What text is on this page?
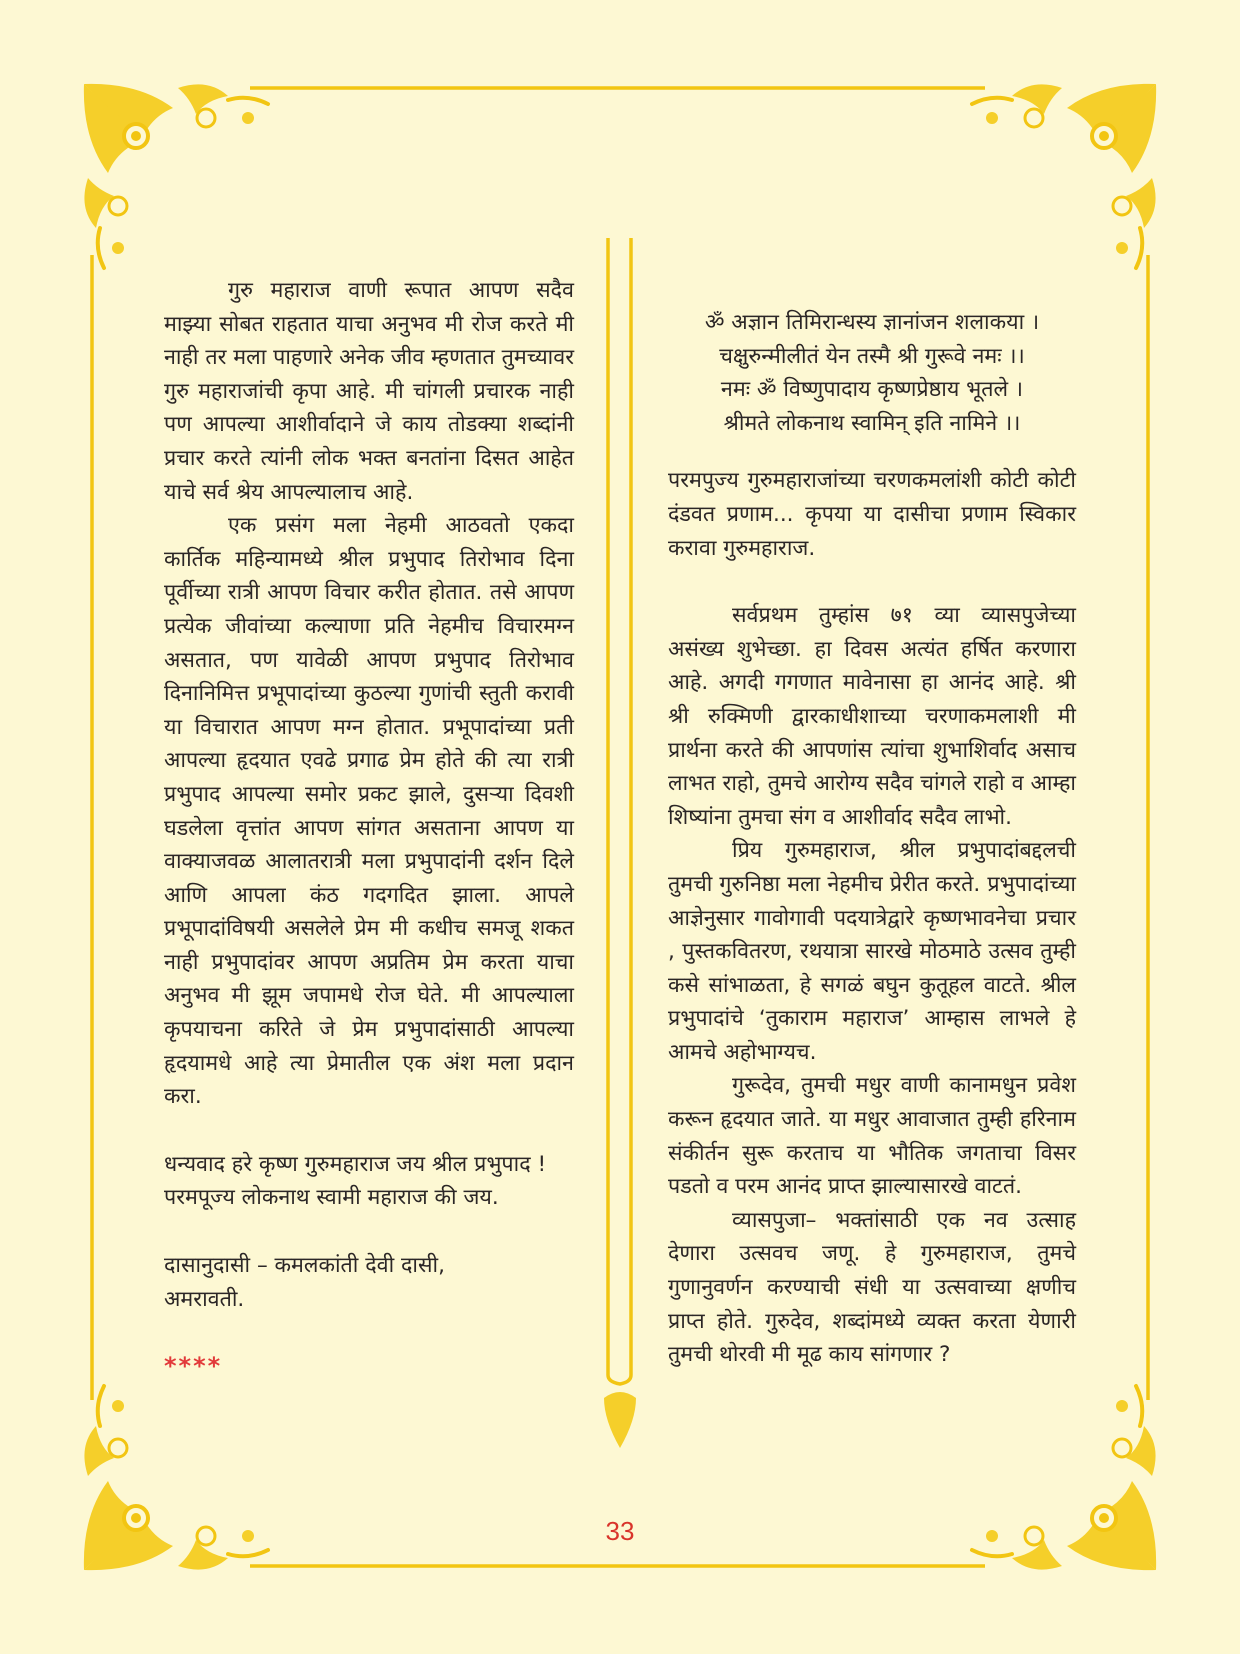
गुरु महाराज वाणी रूपात आपण सदैव माझ्या सोबत राहतात याचा अनुभव मी रोज करते मी नाही तर मला पाहणारे अनेक जीव म्हणतात तुमच्यावर गुरु महाराजांची कृपा आहे. मी चांगली प्रचारक नाही पण आपल्या आशीर्वादाने जे काय तोडक्या शब्दांनी प्रचार करते त्यांनी लोक भक्त बनतांना दिसत आहेत याचे सर्व श्रेय आपल्यालाच आहे.

एक प्रसंग मला नेहमी आठवतो एकदा कार्तिक महिन्यामध्ये श्रील प्रभुपाद तिरोभाव दिना पूर्वीच्या रात्री आपण विचार करीत होतात. तसे आपण प्रत्येक जीवांच्या कल्याणा प्रति नेहमीच विचारमग्न असतात, पण यावेळी आपण प्रभुपाद तिरोभाव दिनानिमित्त प्रभूपादांच्या कुठल्या गुणांची स्तुती करावी या विचारात आपण मग्न होतात. प्रभूपादांच्या प्रती आपल्या हृदयात एवढे प्रगाढ प्रेम होते की त्या रात्री प्रभुपाद आपल्या समोर प्रकट झाले, दुसऱ्या दिवशी घडलेला वृत्तांत आपण सांगत असताना आपण या वाक्याजवळ आलातरात्री मला प्रभुपादांनी दर्शन दिले आणि आपला कंठ गदगदित झाला. आपले प्रभूपादांविषयी असलेले प्रेम मी कधीच समजू शकत नाही प्रभुपादांवर आपण अप्रतिम प्रेम करता याचा अनुभव मी झूम जपामधे रोज घेते. मी आपल्याला कृपयाचना करिते जे प्रेम प्रभुपादांसाठी आपल्या हृदयामधे आहे त्या प्रेमातील एक अंश मला प्रदान करा.

धन्यवाद हरे कृष्ण गुरुमहाराज जय श्रील प्रभुपाद !

परमपूज्य लोकनाथ स्वामी महाराज की जय.

दासानुदासी – कमलकांती देवी दासी,

अमरावती.

****

ॐ अज्ञान तिमिरान्धस्य ज्ञानांजन शलाकया ।

चक्षुरुन्मीलीतं येन तस्मै श्री गुरूवे नमः ।।

नमः ॐ विष्णुपादाय कृष्णप्रेष्ठाय भूतले ।

श्रीमते लोकनाथ स्वामिन् इति नामिने ।।

परमपुज्य गुरुमहाराजांच्या चरणकमलांशी कोटी कोटी दंडवत प्रणाम... कृपया या दासीचा प्रणाम स्विकार करावा गुरुमहाराज.

सर्वप्रथम तुम्हांस ७१ व्या व्यासपुजेच्या असंख्य शुभेच्छा. हा दिवस अत्यंत हर्षित करणारा आहे. अगदी गगणात मावेनासा हा आनंद आहे. श्री श्री रुक्मिणी द्वारकाधीशाच्या चरणाकमलाशी मी प्रार्थना करते की आपणांस त्यांचा शुभाशिर्वाद असाच लाभत राहो, तुमचे आरोग्य सदैव चांगले राहो व आम्हा शिष्यांना तुमचा संग व आशीर्वाद सदैव लाभो.

प्रिय गुरुमहाराज, श्रील प्रभुपादांबद्दलची तुमची गुरुनिष्ठा मला नेहमीच प्रेरीत करते. प्रभुपादांच्या आज्ञेनुसार गावोगावी पदयात्रेद्वारे कृष्णभावनेचा प्रचार , पुस्तकवितरण, रथयात्रा सारखे मोठमाठे उत्सव तुम्ही कसे सांभाळता, हे सगळं बघुन कुतूहल वाटते. श्रील प्रभुपादांचे ‘तुकाराम महाराज’ आम्हास लाभले हे आमचे अहोभाग्यच.

गुरूदेव, तुमची मधुर वाणी कानामधुन प्रवेश करून हृदयात जाते. या मधुर आवाजात तुम्ही हरिनाम संकीर्तन सुरू करताच या भौतिक जगताचा विसर पडतो व परम आनंद प्राप्त झाल्यासारखे वाटतं.

व्यासपुजा– भक्तांसाठी एक नव उत्साह देणारा उत्सवच जणू. हे गुरुमहाराज, तुमचे गुणानुवर्णन करण्याची संधी या उत्सवाच्या क्षणीच प्राप्त होते. गुरुदेव, शब्दांमध्ये व्यक्त करता येणारी तुमची थोरवी मी मूढ काय सांगणार ?

33
